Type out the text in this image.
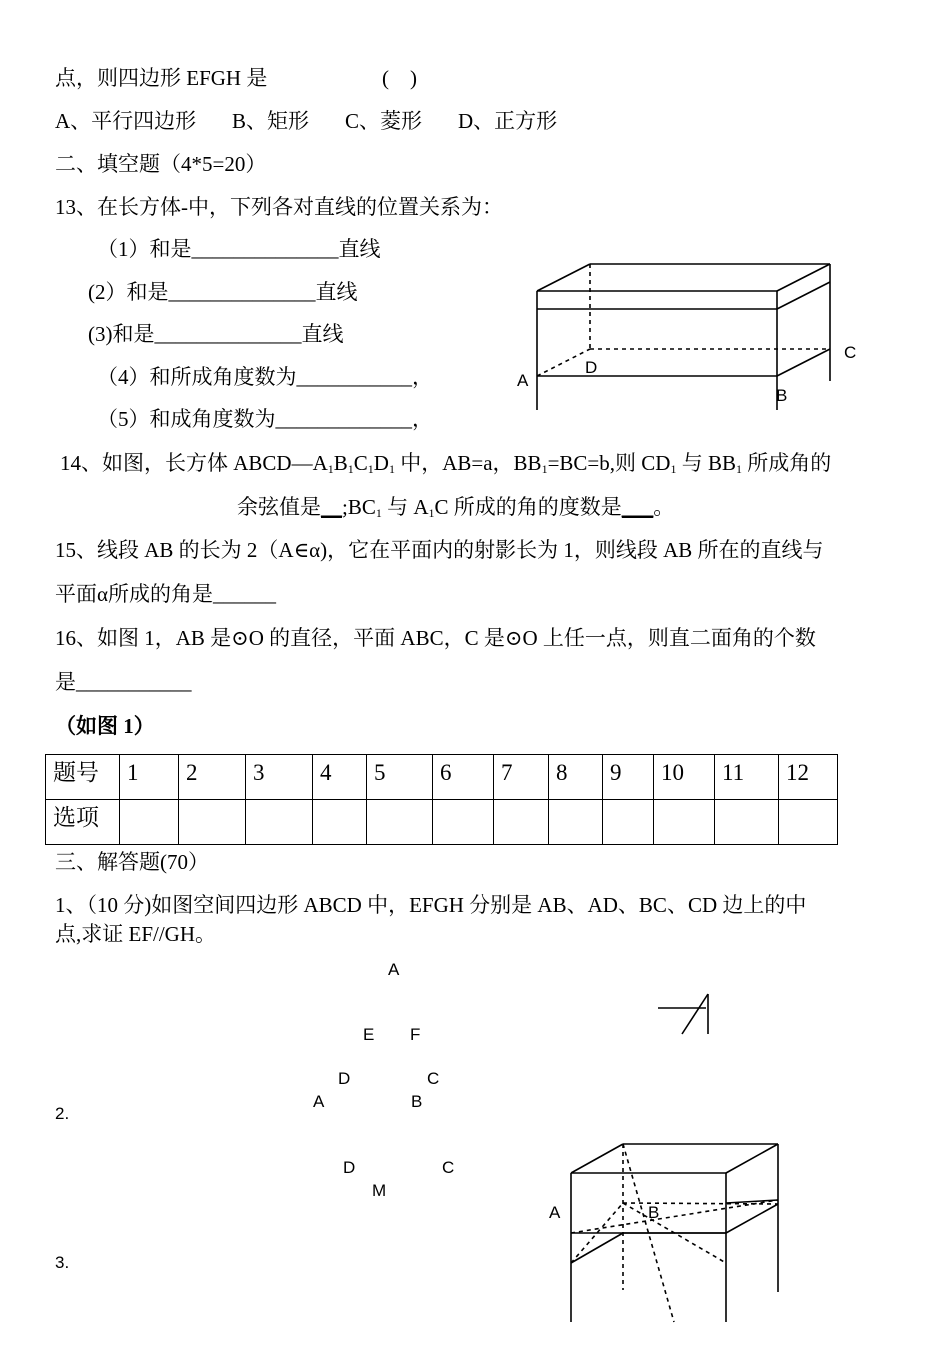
点，则四边形 EFGH 是	(　)
A、平行四边形 B、矩形 C、菱形 D、正方形
二、填空题（4*5=20）
13、在长方体-中，下列各对直线的位置关系为：
（1）和是______________直线
(2）和是______________直线
(3)和是______________直线
（4）和所成角度数为___________，
（5）和成角度数为_____________，
14、如图，长方体 $ABCD—A_1B_1C_1D_1$ 中，AB=a，$BB_1=BC=b$,则 $CD_1$ 与 $BB_1$ 所成角的
余弦值是$\_\_;BC_1$ 与 $A_1C$ 所成的角的度数是___。
15、线段 AB 的长为 2（A∈α)，它在平面内的射影长为 1，则线段 AB 所在的直线与
平面α所成的角是______
16、如图 1，AB 是⊙O 的直径，平面 ABC，C 是⊙O 上任一点，则直二面角的个数
是___________
（如图 1）
题号	1	2	3	4	5	6	7	8	9	10	11	12
选项												
三、解答题(70）
1、（10 分)如图空间四边形 ABCD 中，EFGH 分别是 AB、AD、BC、CD 边上的中
点,求证 EF//GH。
2.
3.
A
D
C
B
A
E F
D	C
A	B
D	C
M
A	B
